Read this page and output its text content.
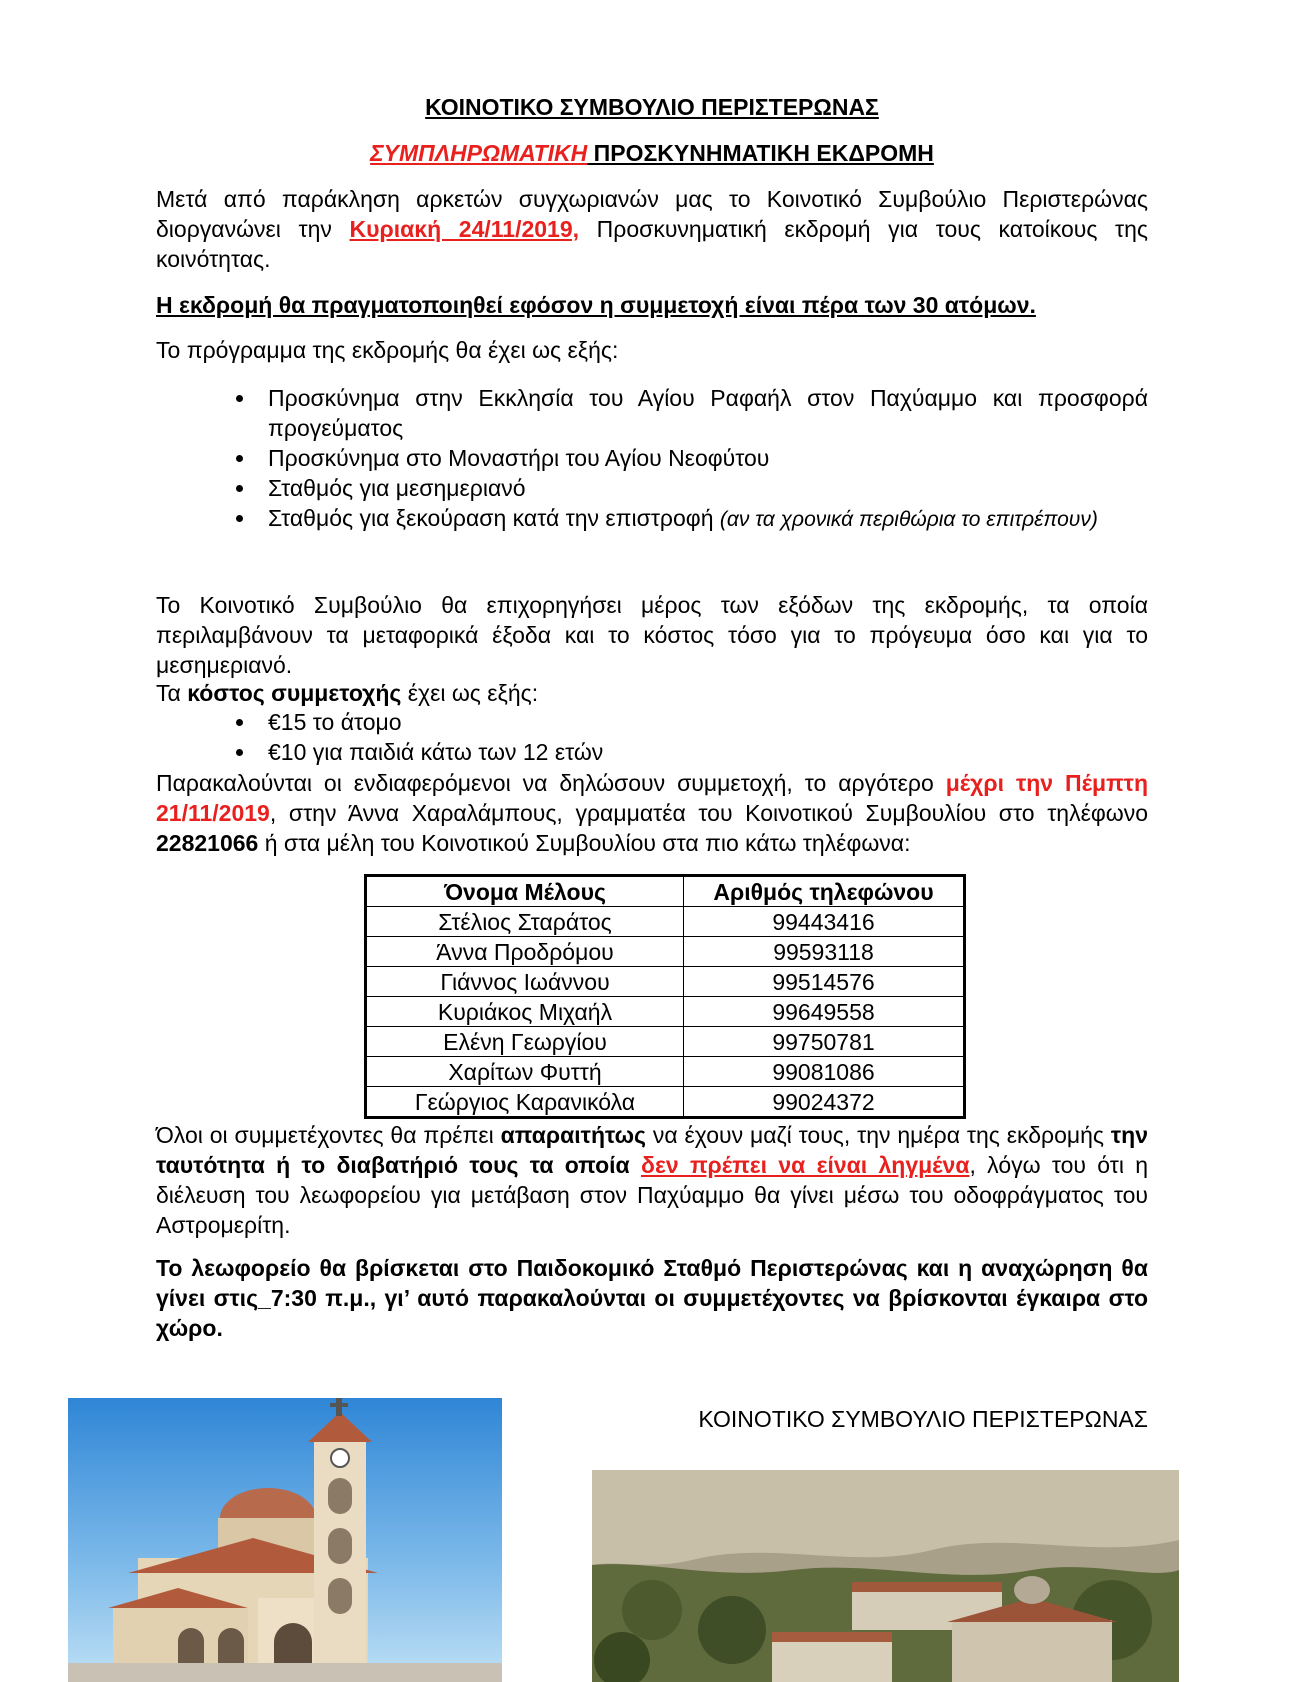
ΚΟΙΝΟΤΙΚΟ ΣΥΜΒΟΥΛΙΟ ΠΕΡΙΣΤΕΡΩΝΑΣ
ΣΥΜΠΛΗΡΩΜΑΤΙΚΗ ΠΡΟΣΚΥΝΗΜΑΤΙΚΗ ΕΚΔΡΟΜΗ
Μετά από παράκληση αρκετών συγχωριανών μας το Κοινοτικό Συμβούλιο Περιστερώνας διοργανώνει την Κυριακή 24/11/2019, Προσκυνηματική εκδρομή για τους κατοίκους της κοινότητας.
Η εκδρομή θα πραγματοποιηθεί εφόσον η συμμετοχή είναι πέρα των 30 ατόμων.
Το πρόγραμμα της εκδρομής θα έχει ως εξής:
Προσκύνημα στην Εκκλησία του Αγίου Ραφαήλ στον Παχύαμμο και προσφορά προγεύματος
Προσκύνημα στο Μοναστήρι του Αγίου Νεοφύτου
Σταθμός για μεσημεριανό
Σταθμός για ξεκούραση κατά την επιστροφή (αν τα χρονικά περιθώρια το επιτρέπουν)
Το Κοινοτικό Συμβούλιο θα επιχορηγήσει μέρος των εξόδων της εκδρομής, τα οποία περιλαμβάνουν τα μεταφορικά έξοδα και το κόστος τόσο για το πρόγευμα όσο και για το μεσημεριανό.
Τα κόστος συμμετοχής έχει ως εξής:
€15 το άτομο
€10 για παιδιά κάτω των 12 ετών
Παρακαλούνται οι ενδιαφερόμενοι να δηλώσουν συμμετοχή, το αργότερο μέχρι την Πέμπτη 21/11/2019, στην Άννα Χαραλάμπους, γραμματέα του Κοινοτικού Συμβουλίου στο τηλέφωνο 22821066 ή στα μέλη του Κοινοτικού Συμβουλίου στα πιο κάτω τηλέφωνα:
Όνομα Μέλους	Αριθμός τηλεφώνου
Στέλιος Σταράτος	99443416
Άννα Προδρόμου	99593118
Γιάννος Ιωάννου	99514576
Κυριάκος Μιχαήλ	99649558
Ελένη Γεωργίου	99750781
Χαρίτων Φυττή	99081086
Γεώργιος Καρανικόλα	99024372
Όλοι οι συμμετέχοντες θα πρέπει απαραιτήτως να έχουν μαζί τους, την ημέρα της εκδρομής την ταυτότητα ή το διαβατήριό τους τα οποία δεν πρέπει να είναι ληγμένα, λόγω του ότι η διέλευση του λεωφορείου για μετάβαση στον Παχύαμμο θα γίνει μέσω του οδοφράγματος του Αστρομερίτη.
Το λεωφορείο θα βρίσκεται στο Παιδοκομικό Σταθμό Περιστερώνας και η αναχώρηση θα γίνει στις_7:30 π.μ., γι’ αυτό παρακαλούνται οι συμμετέχοντες να βρίσκονται έγκαιρα στο χώρο.
ΚΟΙΝΟΤΙΚΟ ΣΥΜΒΟΥΛΙΟ ΠΕΡΙΣΤΕΡΩΝΑΣ
